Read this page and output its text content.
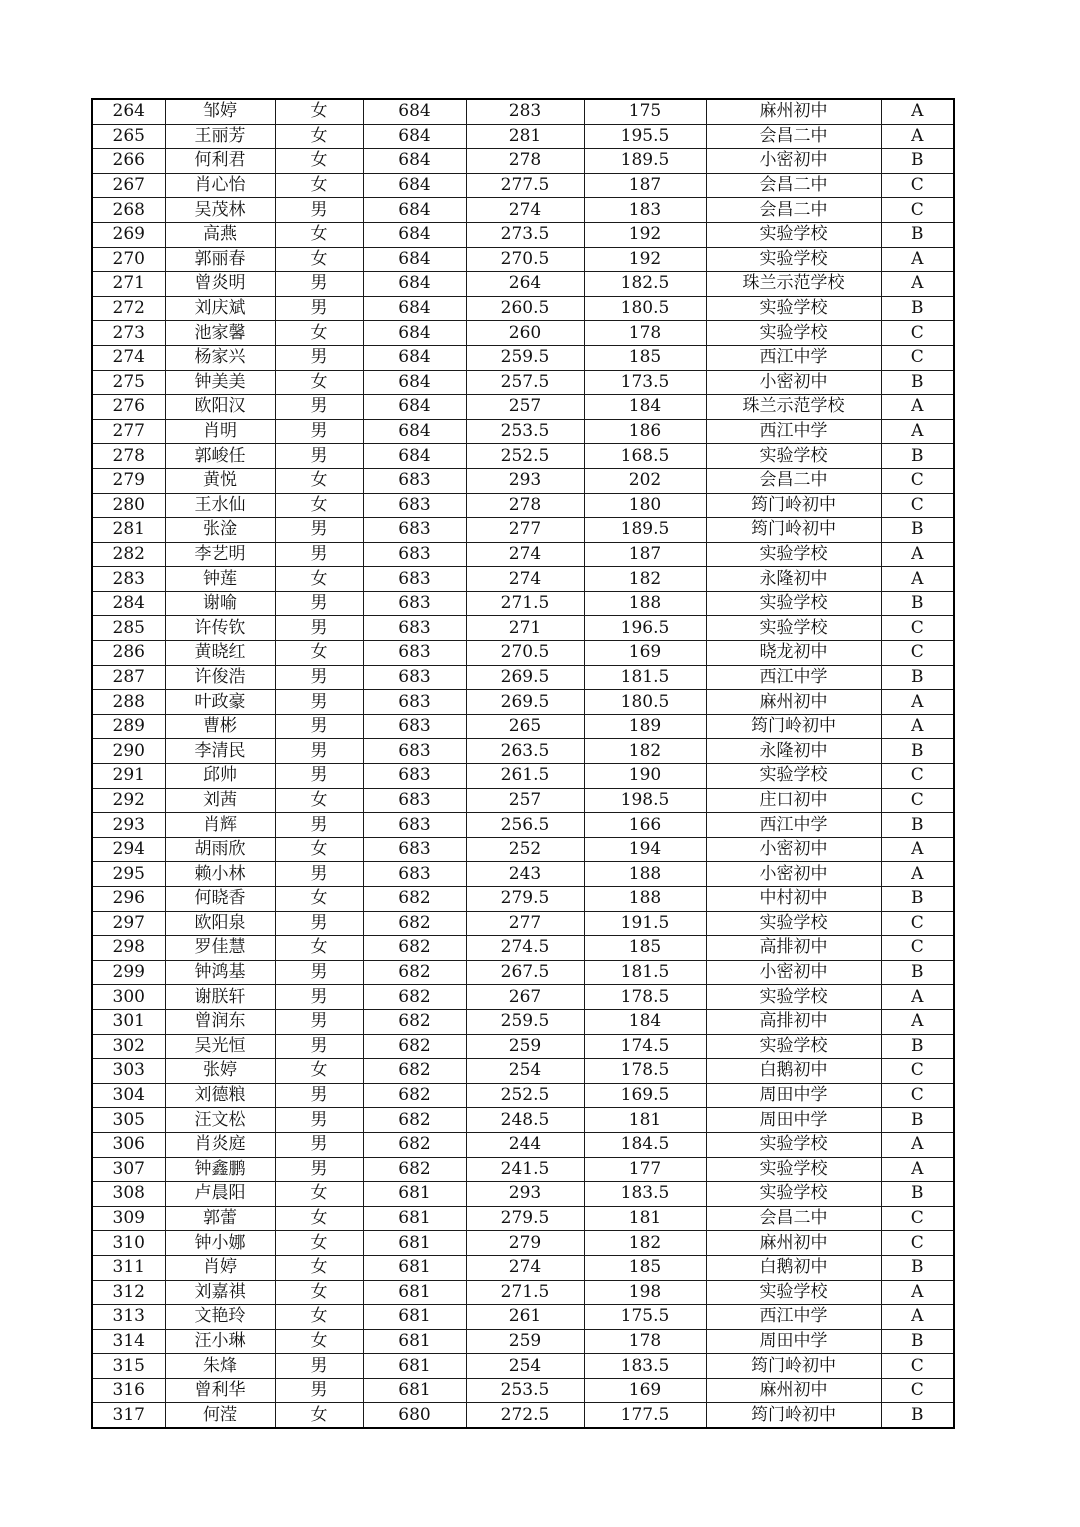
264	邹婷	女	684	283	175	麻州初中	A
265	王丽芳	女	684	281	195.5	会昌二中	A
266	何利君	女	684	278	189.5	小密初中	B
267	肖心怡	女	684	277.5	187	会昌二中	C
268	吴茂林	男	684	274	183	会昌二中	C
269	高燕	女	684	273.5	192	实验学校	B
270	郭丽春	女	684	270.5	192	实验学校	A
271	曾炎明	男	684	264	182.5	珠兰示范学校	A
272	刘庆斌	男	684	260.5	180.5	实验学校	B
273	池家馨	女	684	260	178	实验学校	C
274	杨家兴	男	684	259.5	185	西江中学	C
275	钟美美	女	684	257.5	173.5	小密初中	B
276	欧阳汉	男	684	257	184	珠兰示范学校	A
277	肖明	男	684	253.5	186	西江中学	A
278	郭峻任	男	684	252.5	168.5	实验学校	B
279	黄悦	女	683	293	202	会昌二中	C
280	王水仙	女	683	278	180	筠门岭初中	C
281	张淦	男	683	277	189.5	筠门岭初中	B
282	李艺明	男	683	274	187	实验学校	A
283	钟莲	女	683	274	182	永隆初中	A
284	谢喻	男	683	271.5	188	实验学校	B
285	许传钦	男	683	271	196.5	实验学校	C
286	黄晓红	女	683	270.5	169	晓龙初中	C
287	许俊浩	男	683	269.5	181.5	西江中学	B
288	叶政豪	男	683	269.5	180.5	麻州初中	A
289	曹彬	男	683	265	189	筠门岭初中	A
290	李清民	男	683	263.5	182	永隆初中	B
291	邱帅	男	683	261.5	190	实验学校	C
292	刘茜	女	683	257	198.5	庄口初中	C
293	肖辉	男	683	256.5	166	西江中学	B
294	胡雨欣	女	683	252	194	小密初中	A
295	赖小林	男	683	243	188	小密初中	A
296	何晓香	女	682	279.5	188	中村初中	B
297	欧阳泉	男	682	277	191.5	实验学校	C
298	罗佳慧	女	682	274.5	185	高排初中	C
299	钟鸿基	男	682	267.5	181.5	小密初中	B
300	谢朕轩	男	682	267	178.5	实验学校	A
301	曾润东	男	682	259.5	184	高排初中	A
302	吴光恒	男	682	259	174.5	实验学校	B
303	张婷	女	682	254	178.5	白鹅初中	C
304	刘德粮	男	682	252.5	169.5	周田中学	C
305	汪文松	男	682	248.5	181	周田中学	B
306	肖炎庭	男	682	244	184.5	实验学校	A
307	钟鑫鹏	男	682	241.5	177	实验学校	A
308	卢晨阳	女	681	293	183.5	实验学校	B
309	郭蕾	女	681	279.5	181	会昌二中	C
310	钟小娜	女	681	279	182	麻州初中	C
311	肖婷	女	681	274	185	白鹅初中	B
312	刘嘉祺	女	681	271.5	198	实验学校	A
313	文艳玲	女	681	261	175.5	西江中学	A
314	汪小琳	女	681	259	178	周田中学	B
315	朱烽	男	681	254	183.5	筠门岭初中	C
316	曾利华	男	681	253.5	169	麻州初中	C
317	何滢	女	680	272.5	177.5	筠门岭初中	B
